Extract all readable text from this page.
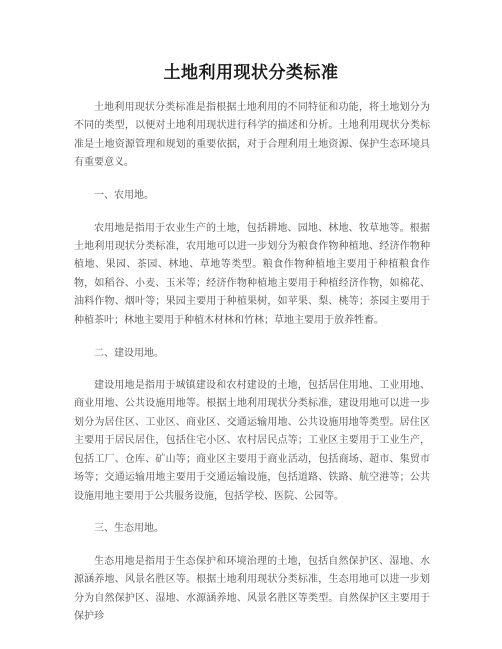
土地利用现状分类标准

土地利用现状分类标准是指根据土地利用的不同特征和功能，将土地划分为不同的类型，以便对土地利用现状进行科学的描述和分析。土地利用现状分类标准是土地资源管理和规划的重要依据，对于合理利用土地资源、保护生态环境具有重要意义。

一、农用地。

农用地是指用于农业生产的土地，包括耕地、园地、林地、牧草地等。根据土地利用现状分类标准，农用地可以进一步划分为粮食作物种植地、经济作物种植地、果园、茶园、林地、草地等类型。粮食作物种植地主要用于种植粮食作物，如稻谷、小麦、玉米等；经济作物种植地主要用于种植经济作物，如棉花、油料作物、烟叶等；果园主要用于种植果树，如苹果、梨、桃等；茶园主要用于种植茶叶；林地主要用于种植木材林和竹林；草地主要用于放养牲畜。

二、建设用地。

建设用地是指用于城镇建设和农村建设的土地，包括居住用地、工业用地、商业用地、公共设施用地等。根据土地利用现状分类标准，建设用地可以进一步划分为居住区、工业区、商业区、交通运输用地、公共设施用地等类型。居住区主要用于居民居住，包括住宅小区、农村居民点等；工业区主要用于工业生产，包括工厂、仓库、矿山等；商业区主要用于商业活动，包括商场、超市、集贸市场等；交通运输用地主要用于交通运输设施，包括道路、铁路、航空港等；公共设施用地主要用于公共服务设施，包括学校、医院、公园等。

三、生态用地。

生态用地是指用于生态保护和环境治理的土地，包括自然保护区、湿地、水源涵养地、风景名胜区等。根据土地利用现状分类标准，生态用地可以进一步划分为自然保护区、湿地、水源涵养地、风景名胜区等类型。自然保护区主要用于保护珍
